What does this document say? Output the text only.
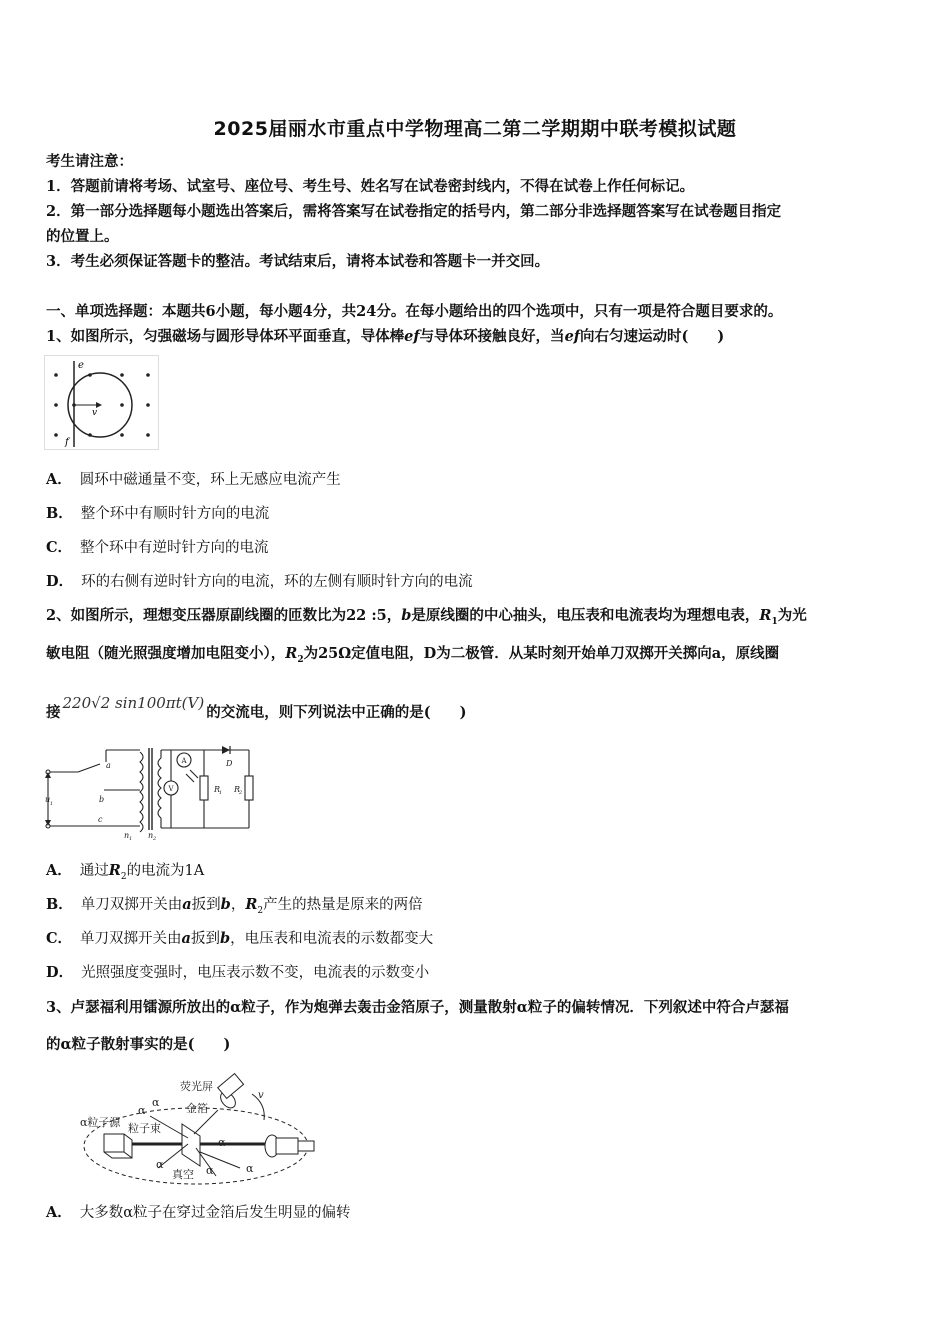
2025届丽水市重点中学物理高二第二学期期中联考模拟试题
考生请注意：
1．答题前请将考场、试室号、座位号、考生号、姓名写在试卷密封线内，不得在试卷上作任何标记。
2．第一部分选择题每小题选出答案后，需将答案写在试卷指定的括号内，第二部分非选择题答案写在试卷题目指定
的位置上。
3．考生必须保证答题卡的整洁。考试结束后，请将本试卷和答题卡一并交回。
一、单项选择题：本题共6小题，每小题4分，共24分。在每小题给出的四个选项中，只有一项是符合题目要求的。
1、如图所示，匀强磁场与圆形导体环平面垂直，导体棒ef与导体环接触良好，当ef向右匀速运动时(　　)
e
f
v
A． 圆环中磁通量不变，环上无感应电流产生
B． 整个环中有顺时针方向的电流
C． 整个环中有逆时针方向的电流
D． 环的右侧有逆时针方向的电流，环的左侧有顺时针方向的电流
2、如图所示，理想变压器原副线圈的匝数比为22 :5，b是原线圈的中心抽头，电压表和电流表均为理想电表，$R_1$为光
敏电阻（随光照强度增加电阻变小），$R_2$为25Ω定值电阻，D为二极管．从某时刻开始单刀双掷开关掷向a，原线圈
接220√2 sin100πt(V)的交流电，则下列说法中正确的是(　　)
a
b
c
u 1
n 1 n 2
D
R
1 R
2
A
V
A． 通过$R_2$的电流为1A
B． 单刀双掷开关由a扳到b，$R_2$产生的热量是原来的两倍
C． 单刀双掷开关由a扳到b，电压表和电流表的示数都变大
D． 光照强度变强时，电压表示数不变，电流表的示数变小
3、卢瑟福利用镭源所放出的α粒子，作为炮弹去轰击金箔原子，测量散射α粒子的偏转情况．下列叙述中符合卢瑟福
的α粒子散射事实的是(　　)
荧光屏
金箔
α粒子源 粒子束
真空
α
α
α
α	α	α
v
A． 大多数α粒子在穿过金箔后发生明显的偏转
